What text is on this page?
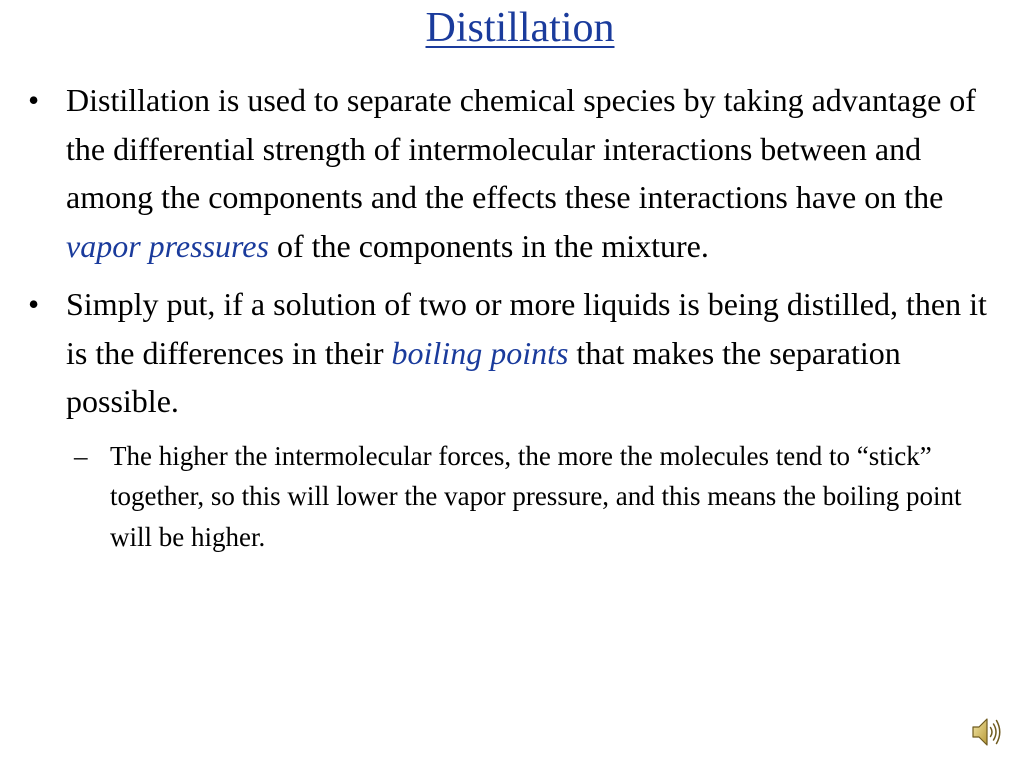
Distillation
• Distillation is used to separate chemical species by taking advantage of the differential strength of intermolecular interactions between and among the components and the effects these interactions have on the vapor pressures of the components in the mixture.
• Simply put, if a solution of two or more liquids is being distilled, then it is the differences in their boiling points that makes the separation possible.
– The higher the intermolecular forces, the more the molecules tend to “stick” together, so this will lower the vapor pressure, and this means the boiling point will be higher.
